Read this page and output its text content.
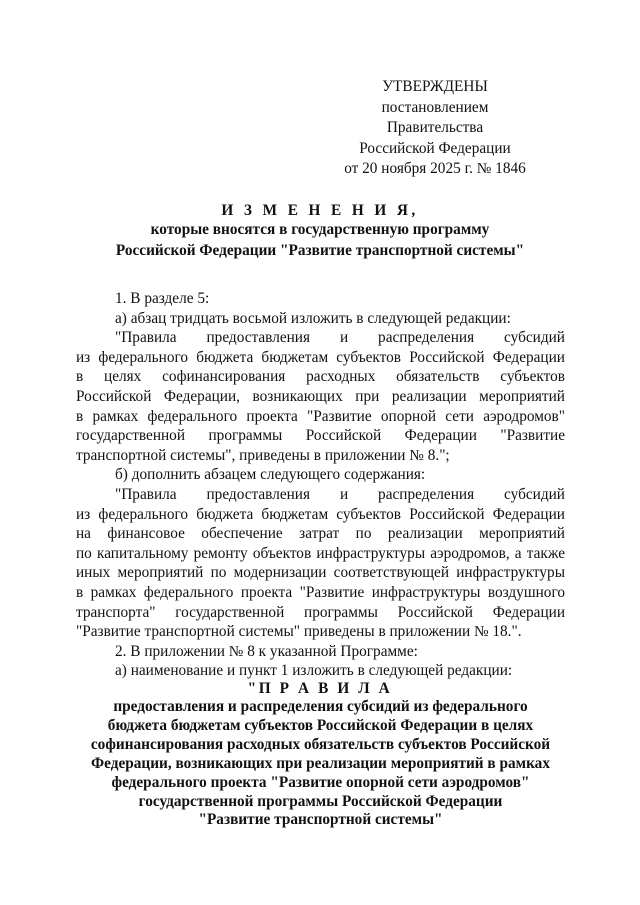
УТВЕРЖДЕНЫ
постановлением Правительства
Российской Федерации
от 20 ноября 2025 г. № 1846
И З М Е Н Е Н И Я,
которые вносятся в государственную программу
Российской Федерации "Развитие транспортной системы"
1. В разделе 5:
а) абзац тридцать восьмой изложить в следующей редакции:
"Правила предоставления и распределения субсидий
из федерального бюджета бюджетам субъектов Российской Федерации
в целях софинансирования расходных обязательств субъектов
Российской Федерации, возникающих при реализации мероприятий
в рамках федерального проекта "Развитие опорной сети аэродромов"
государственной программы Российской Федерации "Развитие
транспортной системы", приведены в приложении № 8.";
б) дополнить абзацем следующего содержания:
"Правила предоставления и распределения субсидий
из федерального бюджета бюджетам субъектов Российской Федерации
на финансовое обеспечение затрат по реализации мероприятий
по капитальному ремонту объектов инфраструктуры аэродромов, а также
иных мероприятий по модернизации соответствующей инфраструктуры
в рамках федерального проекта "Развитие инфраструктуры воздушного
транспорта" государственной программы Российской Федерации
"Развитие транспортной системы" приведены в приложении № 18.".
2. В приложении № 8 к указанной Программе:
а) наименование и пункт 1 изложить в следующей редакции:
"П Р А В И Л А
предоставления и распределения субсидий из федерального
бюджета бюджетам субъектов Российской Федерации в целях
софинансирования расходных обязательств субъектов Российской
Федерации, возникающих при реализации мероприятий в рамках
федерального проекта "Развитие опорной сети аэродромов"
государственной программы Российской Федерации
"Развитие транспортной системы"
